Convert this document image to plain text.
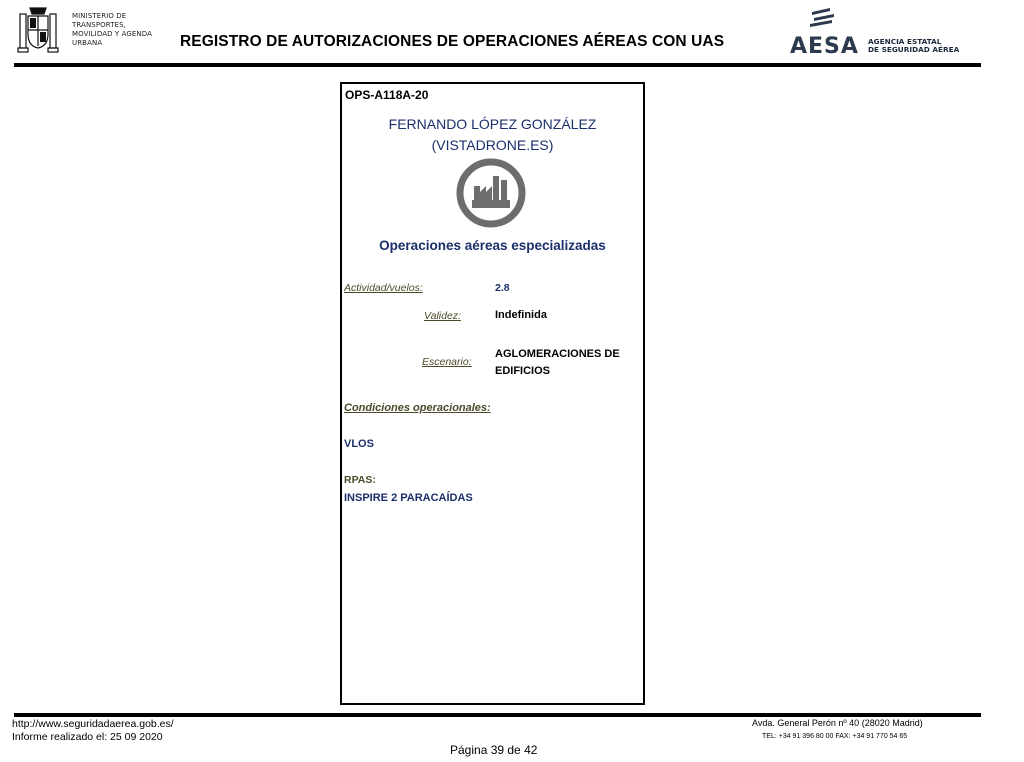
MINISTERIO DE
TRANSPORTES,
MOVILIDAD Y AGENDA
URBANA	REGISTRO DE AUTORIZACIONES DE OPERACIONES AÉREAS CON UAS	AESA AGENCIA ESTATAL
DE SEGURIDAD AÉREA
OPS-A118A-20
FERNANDO LÓPEZ GONZÁLEZ
(VISTADRONE.ES)
Operaciones aéreas especializadas
Actividad/vuelos:	2.8
Validez:	Indefinida
Escenario:
AGLOMERACIONES DE
EDIFICIOS
Condiciones operacionales:
VLOS
RPAS:
INSPIRE 2 PARACAÍDAS
http://www.seguridadaerea.gob.es/
Informe realizado el: 25 09 2020
Página 39 de 42
Avda. General Perón nº 40 (28020 Madrid)
TEL: +34 91 396 80 00 FAX: +34 91 770 54 65
